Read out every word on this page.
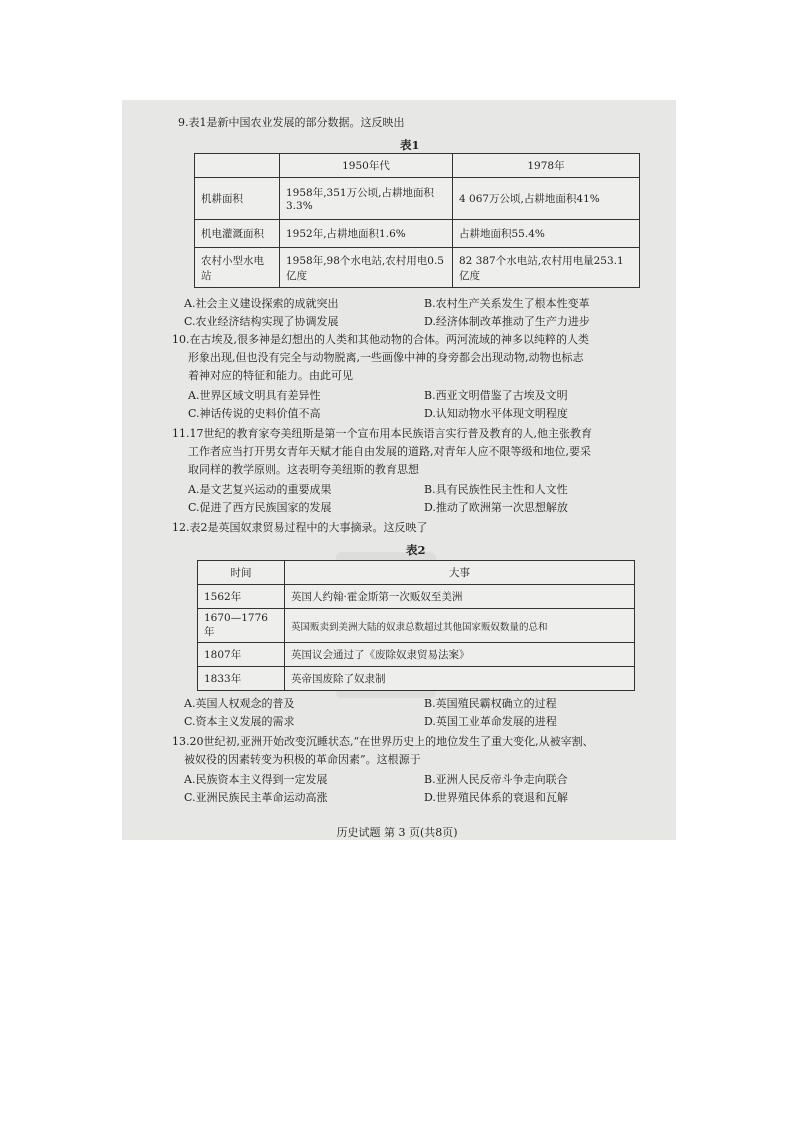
9.表1是新中国农业发展的部分数据。这反映出
表1
	1950年代	1978年
机耕面积	1958年,351万公顷,占耕地面积3.3%	4 067万公顷,占耕地面积41%
机电灌溉面积	1952年,占耕地面积1.6%	占耕地面积55.4%
农村小型水电站	1958年,98个水电站,农村用电0.5亿度	82 387个水电站,农村用电量253.1亿度
A.社会主义建设探索的成就突出	B.农村生产关系发生了根本性变革
C.农业经济结构实现了协调发展	D.经济体制改革推动了生产力进步
10.在古埃及,很多神是幻想出的人类和其他动物的合体。两河流域的神多以纯粹的人类
形象出现,但也没有完全与动物脱离,一些画像中神的身旁都会出现动物,动物也标志
着神对应的特征和能力。由此可见
A.世界区域文明具有差异性	B.西亚文明借鉴了古埃及文明
C.神话传说的史料价值不高	D.认知动物水平体现文明程度
11.17世纪的教育家夸美纽斯是第一个宣布用本民族语言实行普及教育的人,他主张教育
工作者应当打开男女青年天赋才能自由发展的道路,对青年人应不限等级和地位,要采
取同样的教学原则。这表明夸美纽斯的教育思想
A.是文艺复兴运动的重要成果	B.具有民族性民主性和人文性
C.促进了西方民族国家的发展	D.推动了欧洲第一次思想解放
12.表2是英国奴隶贸易过程中的大事摘录。这反映了
表2
时间	大事
1562年	英国人约翰·霍金斯第一次贩奴至美洲
1670—1776年	英国贩卖到美洲大陆的奴隶总数超过其他国家贩奴数量的总和
1807年	英国议会通过了《废除奴隶贸易法案》
1833年	英帝国废除了奴隶制
A.英国人权观念的普及	B.英国殖民霸权确立的过程
C.资本主义发展的需求	D.英国工业革命发展的进程
13.20世纪初,亚洲开始改变沉睡状态,“在世界历史上的地位发生了重大变化,从被宰割、
被奴役的因素转变为积极的革命因素”。这根源于
A.民族资本主义得到一定发展	B.亚洲人民反帝斗争走向联合
C.亚洲民族民主革命运动高涨	D.世界殖民体系的衰退和瓦解
历史试题 第 3 页(共8页)
